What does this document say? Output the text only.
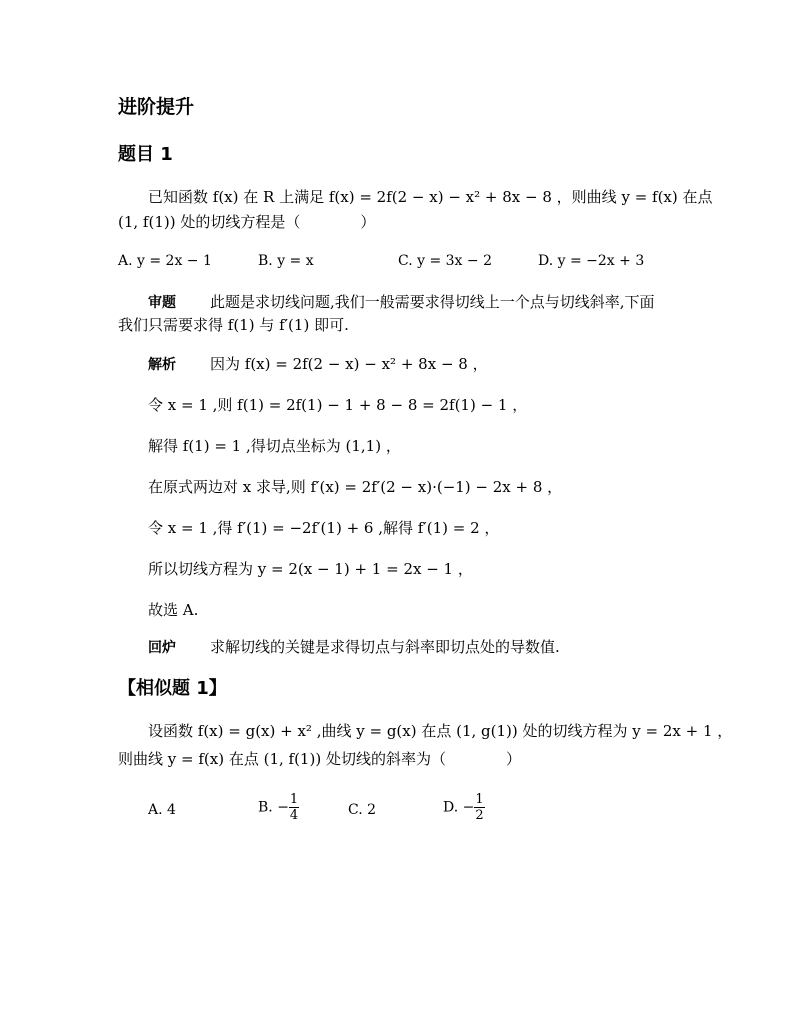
进阶提升
题目 1
已知函数 f(x) 在 R 上满足 f(x) = 2f(2 − x) − x² + 8x − 8 ，则曲线 y = f(x) 在点
(1, f(1)) 处的切线方程是（　　　　）
A. y = 2x − 1	B. y = x	C. y = 3x − 2	D. y = −2x + 3
审题 此题是求切线问题,我们一般需要求得切线上一个点与切线斜率,下面
我们只需要求得 f(1) 与 f′(1) 即可.
解析 因为 f(x) = 2f(2 − x) − x² + 8x − 8 ，
令 x = 1 ,则 f(1) = 2f(1) − 1 + 8 − 8 = 2f(1) − 1 ，
解得 f(1) = 1 ,得切点坐标为 (1,1) ，
在原式两边对 x 求导,则 f′(x) = 2f′(2 − x)·(−1) − 2x + 8 ，
令 x = 1 ,得 f′(1) = −2f′(1) + 6 ,解得 f′(1) = 2 ，
所以切线方程为 y = 2(x − 1) + 1 = 2x − 1 ，
故选 A.
回炉 求解切线的关键是求得切点与斜率即切点处的导数值.
【相似题 1】
设函数 f(x) = g(x) + x² ,曲线 y = g(x) 在点 (1, g(1)) 处的切线方程为 y = 2x + 1 ，
则曲线 y = f(x) 在点 (1, f(1)) 处切线的斜率为（　　　　）
A. 4	B. − $\frac{1}{4}$	C. 2	D. − $\frac{1}{2}$
